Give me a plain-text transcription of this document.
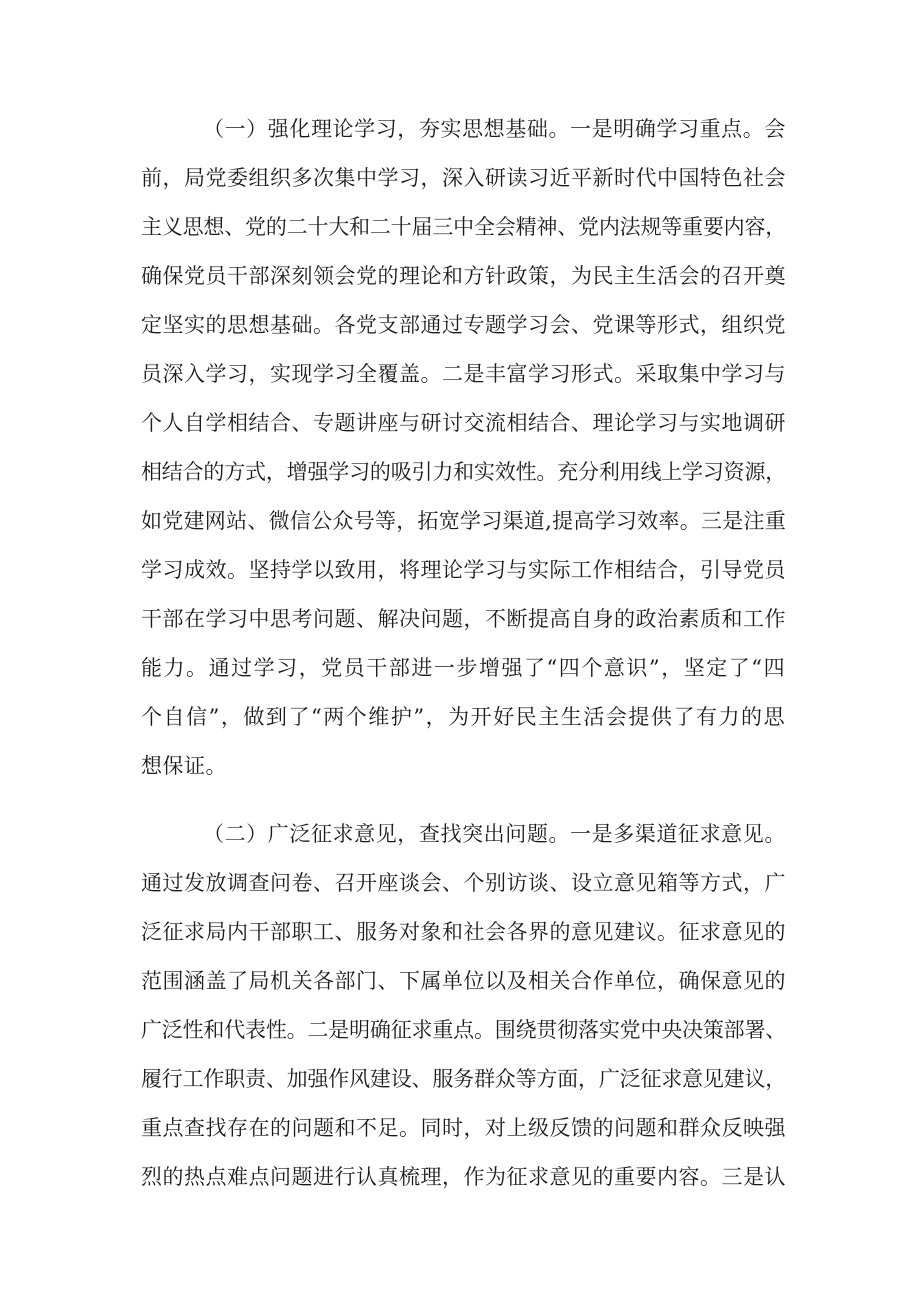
（一）强化理论学习，夯实思想基础。一是明确学习重点。会
前，局党委组织多次集中学习，深入研读习近平新时代中国特色社会
主义思想、党的二十大和二十届三中全会精神、党内法规等重要内容，
确保党员干部深刻领会党的理论和方针政策，为民主生活会的召开奠
定坚实的思想基础。各党支部通过专题学习会、党课等形式，组织党
员深入学习，实现学习全覆盖。二是丰富学习形式。采取集中学习与
个人自学相结合、专题讲座与研讨交流相结合、理论学习与实地调研
相结合的方式，增强学习的吸引力和实效性。充分利用线上学习资源，
如党建网站、微信公众号等，拓宽学习渠道,提高学习效率。三是注重
学习成效。坚持学以致用，将理论学习与实际工作相结合，引导党员
干部在学习中思考问题、解决问题，不断提高自身的政治素质和工作
能力。通过学习，党员干部进一步增强了“四个意识”，坚定了“四
个自信”，做到了“两个维护”，为开好民主生活会提供了有力的思
想保证。
（二）广泛征求意见，查找突出问题。一是多渠道征求意见。
通过发放调查问卷、召开座谈会、个别访谈、设立意见箱等方式，广
泛征求局内干部职工、服务对象和社会各界的意见建议。征求意见的
范围涵盖了局机关各部门、下属单位以及相关合作单位，确保意见的
广泛性和代表性。二是明确征求重点。围绕贯彻落实党中央决策部署、
履行工作职责、加强作风建设、服务群众等方面，广泛征求意见建议，
重点查找存在的问题和不足。同时，对上级反馈的问题和群众反映强
烈的热点难点问题进行认真梳理，作为征求意见的重要内容。三是认
